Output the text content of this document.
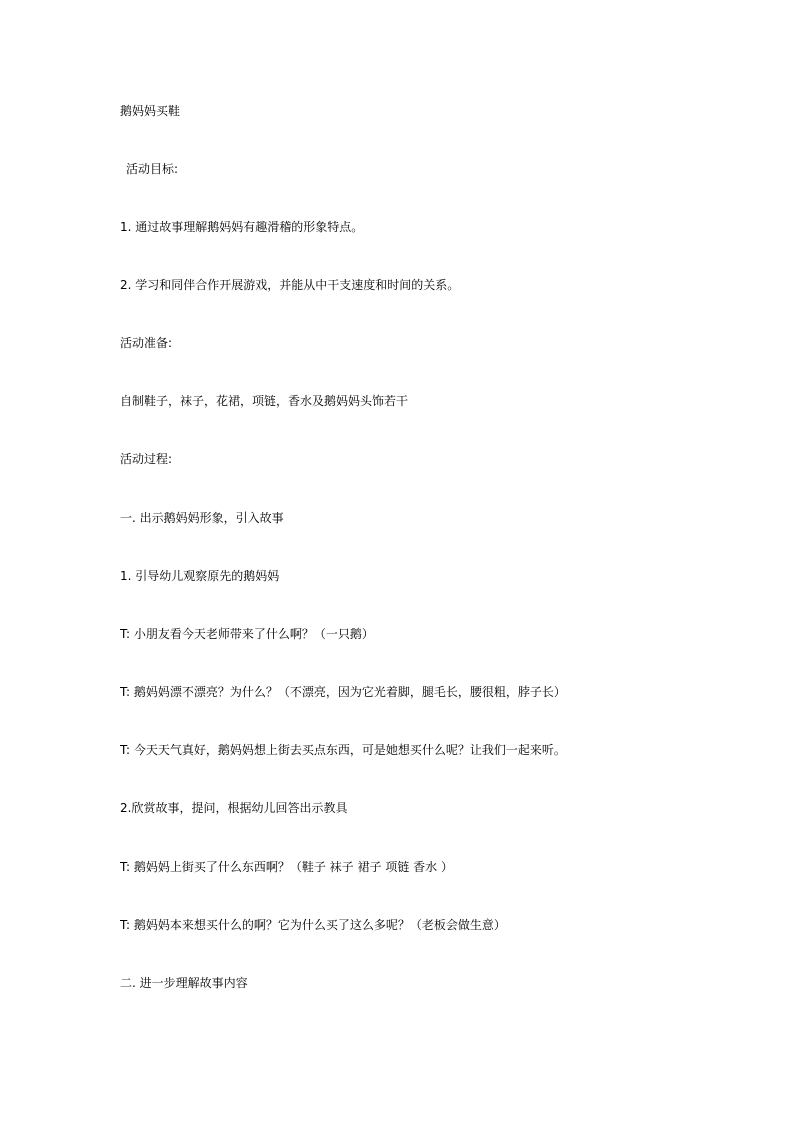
鹅妈妈买鞋
活动目标:
1. 通过故事理解鹅妈妈有趣滑稽的形象特点。
2. 学习和同伴合作开展游戏，并能从中干支速度和时间的关系。
活动准备:
自制鞋子，袜子，花裙，项链，香水及鹅妈妈头饰若干
活动过程:
一. 出示鹅妈妈形象，引入故事
1. 引导幼儿观察原先的鹅妈妈
T: 小朋友看今天老师带来了什么啊？（一只鹅）
T: 鹅妈妈漂不漂亮？为什么？（不漂亮，因为它光着脚，腿毛长，腰很粗，脖子长）
T: 今天天气真好，鹅妈妈想上街去买点东西，可是她想买什么呢？让我们一起来听。
2.欣赏故事，提问，根据幼儿回答出示教具
T: 鹅妈妈上街买了什么东西啊？（鞋子 袜子 裙子 项链 香水 ）
T: 鹅妈妈本来想买什么的啊？它为什么买了这么多呢？（老板会做生意）
二. 进一步理解故事内容
